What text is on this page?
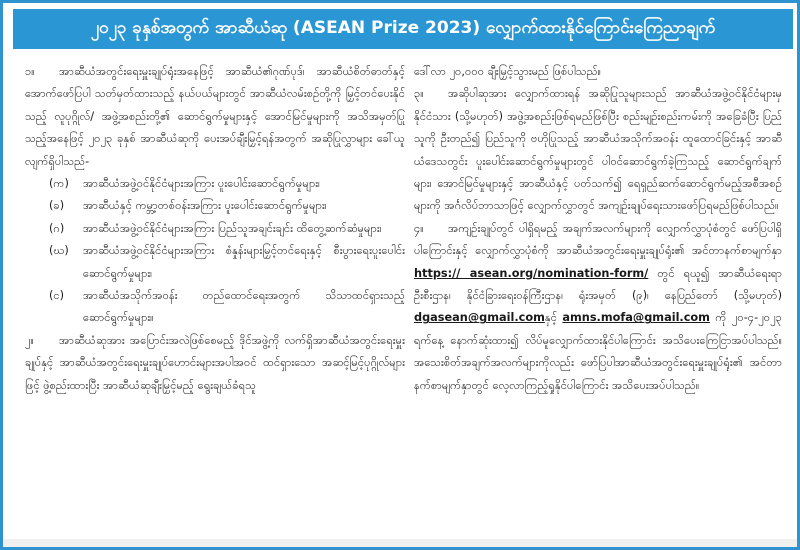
၂၀၂၃ ခုနှစ်အတွက် အာဆီယံဆု (ASEAN Prize 2023) လျှောက်ထားနိုင်ကြောင်းကြေညာချက်

၁။ အာဆီယံအတွင်းရေးမှူးချုပ်ရုံးအနေဖြင့် အာဆီယံ၏ဂုဏ်ပုဒ်၊ အာဆီယံစိတ်ဓာတ်နှင့် အောက်ဖော်ပြပါ သတ်မှတ်ထားသည့် နယ်ပယ်များတွင် အာဆီယံလမ်းစဉ်တို့ကို မြှင့်တင်ပေးနိုင်သည့် လူပုဂ္ဂိုလ်/ အဖွဲ့အစည်းတို့၏ ဆောင်ရွက်မှုများနှင့် အောင်မြင်မှုများကို အသိအမှတ်ပြုသည့်အနေဖြင့် ၂၀၂၃ ခုနှစ် အာဆီယံဆုကို ပေးအပ်ချီးမြှင့်ရန်အတွက် အဆိုပြုလွှာများ ခေါ်ယူလျက်ရှိပါသည်-

(က)	အာဆီယံအဖွဲ့ဝင်နိုင်ငံများအကြား ပူးပေါင်းဆောင်ရွက်မှုများ၊
(ခ)	အာဆီယံနှင့် ကမ္ဘာ့တစ်ဝန်းအကြား ပူးပေါင်းဆောင်ရွက်မှုများ၊
(ဂ)	အာဆီယံအဖွဲ့ဝင်နိုင်ငံများအကြား ပြည်သူအချင်းချင်း ထိတွေ့ဆက်ဆံမှုများ၊
(ဃ)	အာဆီယံအဖွဲ့ဝင်နိုင်ငံများအကြား စံနှုန်းများမြှင့်တင်ရေးနှင့် စီးပွားရေးပူးပေါင်းဆောင်ရွက်မှုများ၊
(င)	အာဆီယံအသိုက်အဝန်း တည်ထောင်ရေးအတွက် သိသာထင်ရှားသည့် ဆောင်ရွက်မှုများ။

၂။ အာဆီယံဆုအား အပြောင်းအလဲဖြစ်စေမည့် ဒိုင်အဖွဲ့ကို လက်ရှိအာဆီယံအတွင်းရေးမှူးချုပ်နှင့် အာဆီယံအတွင်းရေးမှူးချုပ်ဟောင်းများအပါအဝင် ထင်ရှားသော အဆင့်မြင့်ပုဂ္ဂိုလ်များဖြင့် ဖွဲ့စည်းထားပြီး အာဆီယံဆုချီးမြှင့်မည့် ရွေးချယ်ခံရသူ

ဒေါ်လာ ၂၀,၀၀၀ ချီးမြှင့်သွားမည် ဖြစ်ပါသည်။

၃။ အဆိုပါဆုအား လျှောက်ထားရန် အဆိုပြုသူများသည် အာဆီယံအဖွဲ့ဝင်နိုင်ငံများမှ နိုင်ငံသား (သို့မဟုတ်) အဖွဲ့အစည်းဖြစ်ရမည်ဖြစ်ပြီး စည်းမျဉ်းစည်းကမ်းကို အခြေခံပြီး ပြည်သူကို ဦးတည်၍ ပြည်သူကို ဗဟိုပြုသည့် အာဆီယံအသိုက်အဝန်း ထူထောင်ခြင်းနှင့် အာဆီယံဒေသတွင်း ပူးပေါင်းဆောင်ရွက်မှုများတွင် ပါဝင်ဆောင်ရွက်ခဲ့ကြသည့် ဆောင်ရွက်ချက်များ၊ အောင်မြင်မှုများနှင့် အာဆီယံနှင့် ပတ်သက်၍ ရေရှည်ဆက်ဆောင်ရွက်မည့်အစီအစဉ်များကို အင်္ဂလိပ်ဘာသာဖြင့် လျှောက်လွှာတွင် အကျဉ်းချုပ်ရေးသားဖော်ပြရမည်ဖြစ်ပါသည်။

၄။ အကျဉ်းချုပ်တွင် ပါရှိရမည့် အချက်အလက်များကို လျှောက်လွှာပုံစံတွင် ဖော်ပြပါရှိပါကြောင်းနှင့် လျှောက်လွှာပုံစံကို အာဆီယံအတွင်းရေးမှူးချုပ်ရုံး၏ အင်တာနက်စာမျက်နှာ https:// asean.org/nomination-form/ တွင် ရယူ၍ အာဆီယံရေးရာဦးစီးဌာန၊ နိုင်ငံခြားရေးဝန်ကြီးဌာန၊ ရုံးအမှတ် (၉)၊ နေပြည်တော် (သို့မဟုတ်) dgasean@gmail.comနှင့် amns.mofa@gmail.com ကို ၂၀-၄-၂၀၂၃ ရက်နေ့ နောက်ဆုံးထား၍ လိပ်မူလျှောက်ထားနိုင်ပါကြောင်း အသိပေးကြေငြာအပ်ပါသည်။ အသေးစိတ်အချက်အလက်များကိုလည်း ဖော်ပြပါအာဆီယံအတွင်းရေးမှူးချုပ်ရုံး၏ အင်တာနက်စာမျက်နှာတွင် လေ့လာကြည့်ရှုနိုင်ပါကြောင်း အသိပေးအပ်ပါသည်။
